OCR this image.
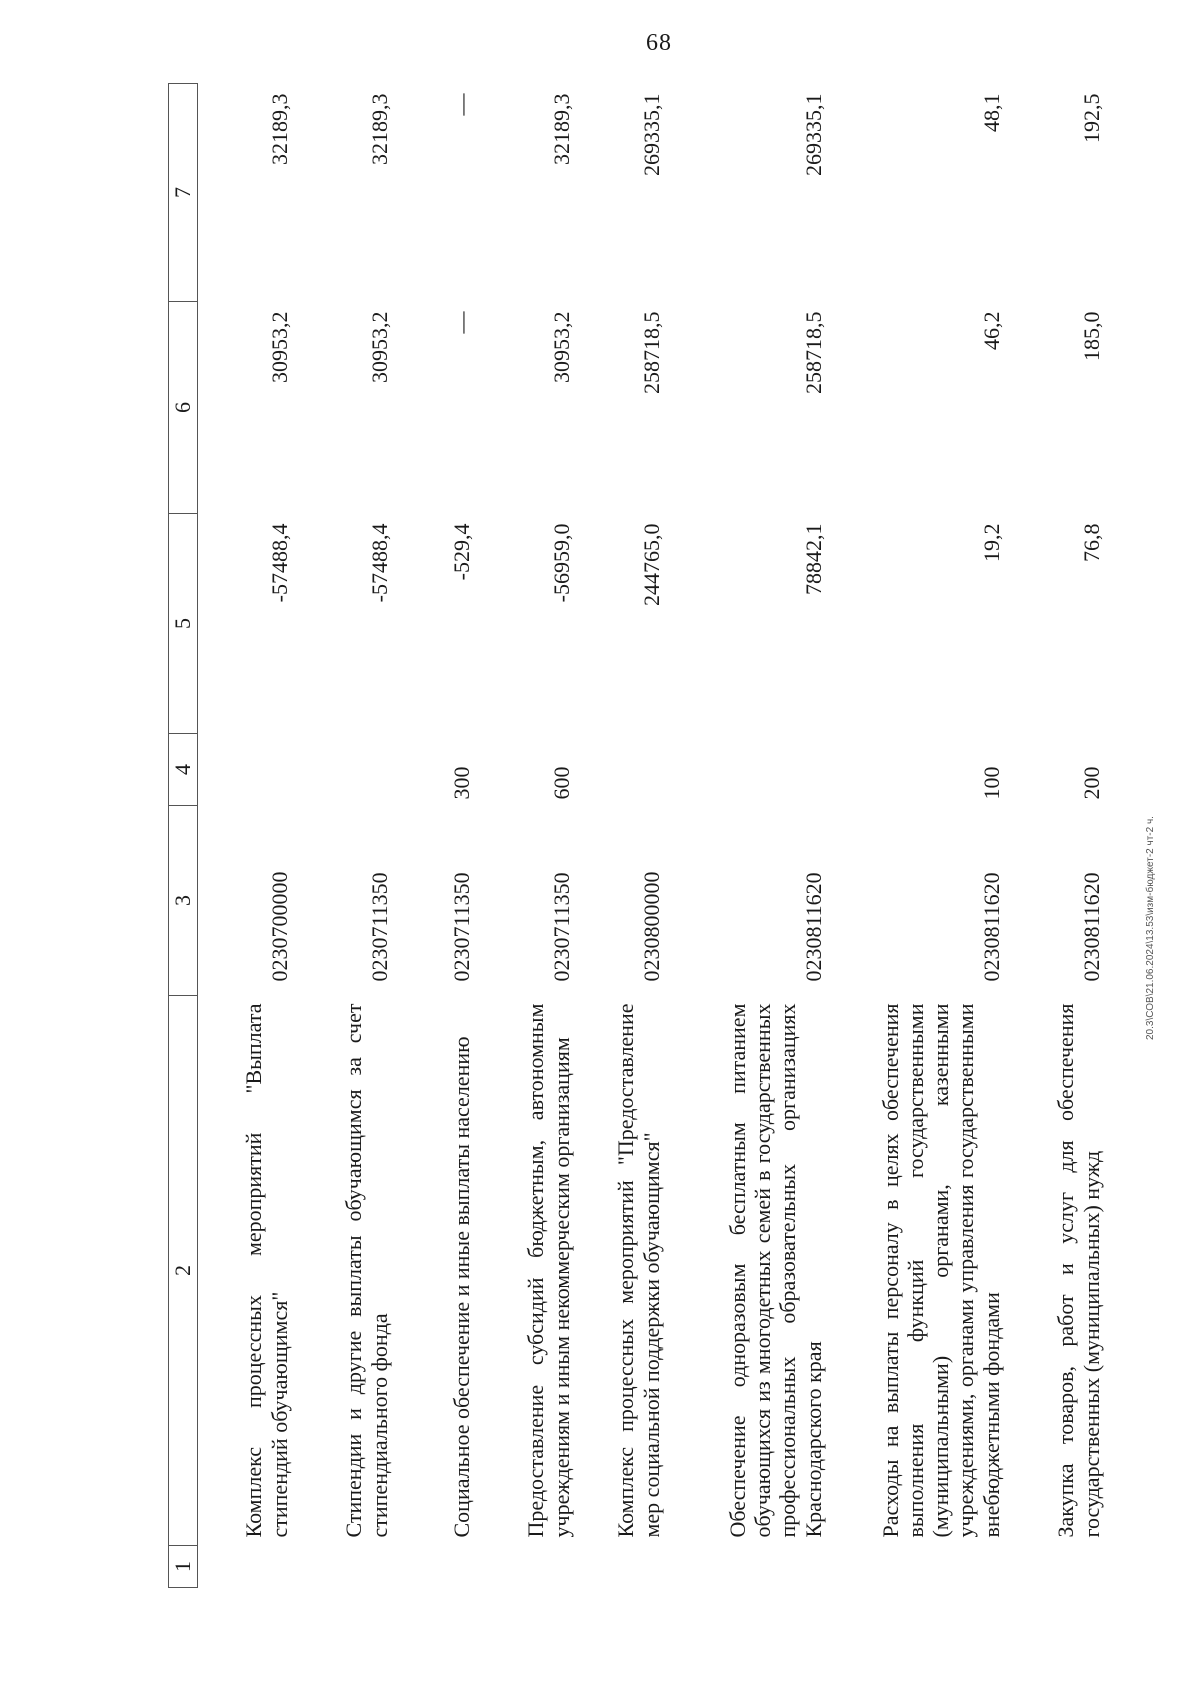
68
20.3\СОВ\21.06.2024\13.53\изм-бюджет-2 чт-2 ч.
1	2	3	4	5	6	7
	Комплекс процессных мероприятий "Выплата стипендий обучающимся"	0230700000		-57488,4	30953,2	32189,3
	Стипендии и другие выплаты обучающимся за счет стипендиального фонда	0230711350		-57488,4	30953,2	32189,3
	Социальное обеспечение и иные выплаты населению	0230711350	300	-529,4	—	—
	Предоставление субсидий бюджетным, автономным учреждениям и иным некоммерческим организациям	0230711350	600	-56959,0	30953,2	32189,3
	Комплекс процессных мероприятий "Предоставление мер социальной поддержки обучающимся"	0230800000		244765,0	258718,5	269335,1
	Обеспечение одноразовым бесплатным питанием обучающихся из многодетных семей в государственных профессиональных образовательных организациях Краснодарского края	0230811620		78842,1	258718,5	269335,1
	Расходы на выплаты персоналу в целях обеспечения выполнения функций государственными (муниципальными) органами, казенными учреждениями, органами управления государственными внебюджетными фондами	0230811620	100	19,2	46,2	48,1
	Закупка товаров, работ и услуг для обеспечения государственных (муниципальных) нужд	0230811620	200	76,8	185,0	192,5
